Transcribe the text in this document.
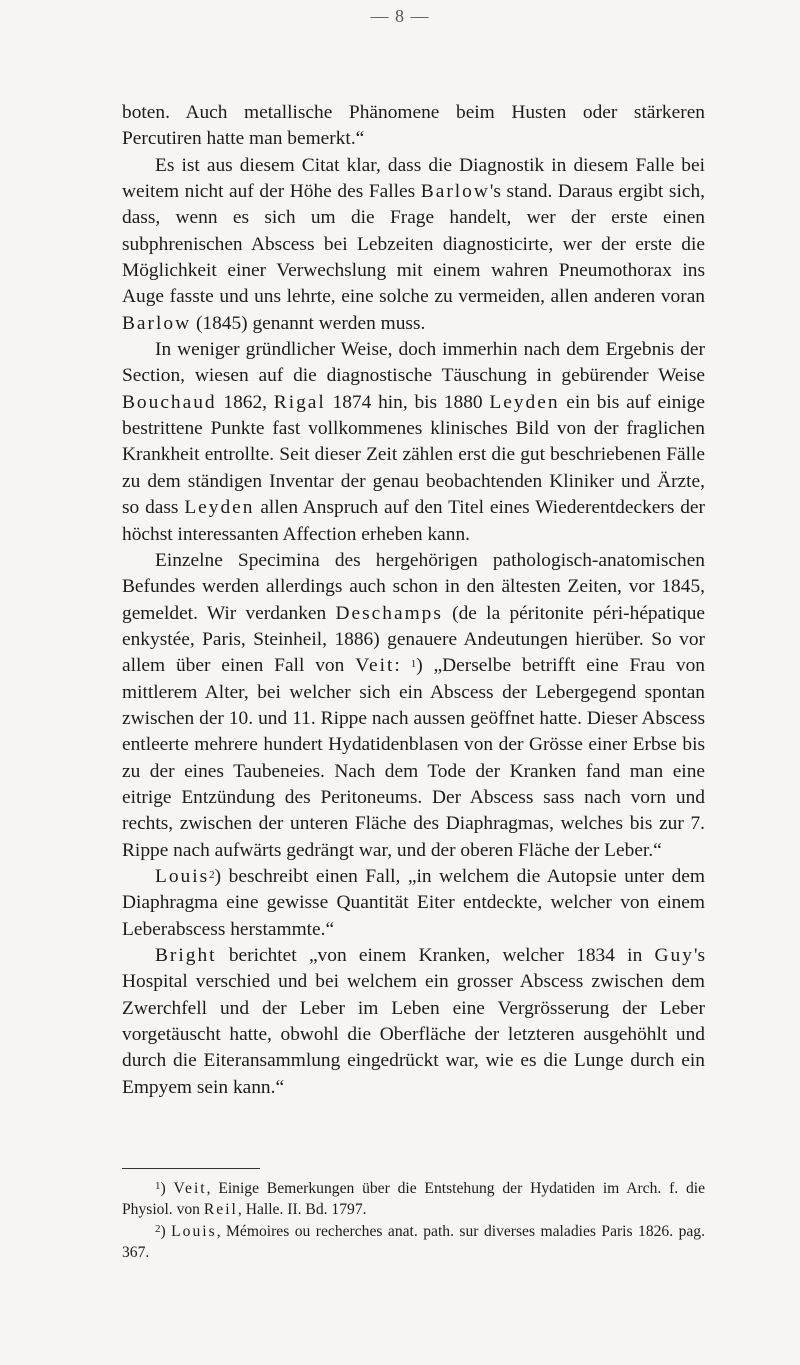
— 8 —

boten. Auch metallische Phänomene beim Husten oder stärkeren Percutiren hatte man bemerkt.“

Es ist aus diesem Citat klar, dass die Diagnostik in diesem Falle bei weitem nicht auf der Höhe des Falles Barlow's stand. Daraus ergibt sich, dass, wenn es sich um die Frage handelt, wer der erste einen subphrenischen Abscess bei Lebzeiten diagnosticirte, wer der erste die Möglichkeit einer Verwechslung mit einem wahren Pneumothorax ins Auge fasste und uns lehrte, eine solche zu vermeiden, allen anderen voran Barlow (1845) genannt werden muss.

In weniger gründlicher Weise, doch immerhin nach dem Ergebnis der Section, wiesen auf die diagnostische Täuschung in gebürender Weise Bouchaud 1862, Rigal 1874 hin, bis 1880 Leyden ein bis auf einige bestrittene Punkte fast vollkommenes klinisches Bild von der fraglichen Krankheit entrollte. Seit dieser Zeit zählen erst die gut beschriebenen Fälle zu dem ständigen Inventar der genau beobachtenden Kliniker und Ärzte, so dass Leyden allen Anspruch auf den Titel eines Wiederentdeckers der höchst interessanten Affection erheben kann.

Einzelne Specimina des hergehörigen pathologisch-anatomischen Befundes werden allerdings auch schon in den ältesten Zeiten, vor 1845, gemeldet. Wir verdanken Deschamps (de la péritonite péri-hépatique enkystée, Paris, Steinheil, 1886) genauere Andeutungen hierüber. So vor allem über einen Fall von Veit: $^1$) „Derselbe betrifft eine Frau von mittlerem Alter, bei welcher sich ein Abscess der Lebergegend spontan zwischen der 10. und 11. Rippe nach aussen geöffnet hatte. Dieser Abscess entleerte mehrere hundert Hydatidenblasen von der Grösse einer Erbse bis zu der eines Taubeneies. Nach dem Tode der Kranken fand man eine eitrige Entzündung des Peritoneums. Der Abscess sass nach vorn und rechts, zwischen der unteren Fläche des Diaphragmas, welches bis zur 7. Rippe nach aufwärts gedrängt war, und der oberen Fläche der Leber.“

Louis$^2$) beschreibt einen Fall, „in welchem die Autopsie unter dem Diaphragma eine gewisse Quantität Eiter entdeckte, welcher von einem Leberabscess herstammte.“

Bright berichtet „von einem Kranken, welcher 1834 in Guy's Hospital verschied und bei welchem ein grosser Abscess zwischen dem Zwerchfell und der Leber im Leben eine Vergrösserung der Leber vorgetäuscht hatte, obwohl die Oberfläche der letzteren ausgehöhlt und durch die Eiteransammlung eingedrückt war, wie es die Lunge durch ein Empyem sein kann.“

$^1$) Veit, Einige Bemerkungen über die Entstehung der Hydatiden im Arch. f. die Physiol. von Reil, Halle. II. Bd. 1797.

$^2$) Louis, Mémoires ou recherches anat. path. sur diverses maladies Paris 1826. pag. 367.
